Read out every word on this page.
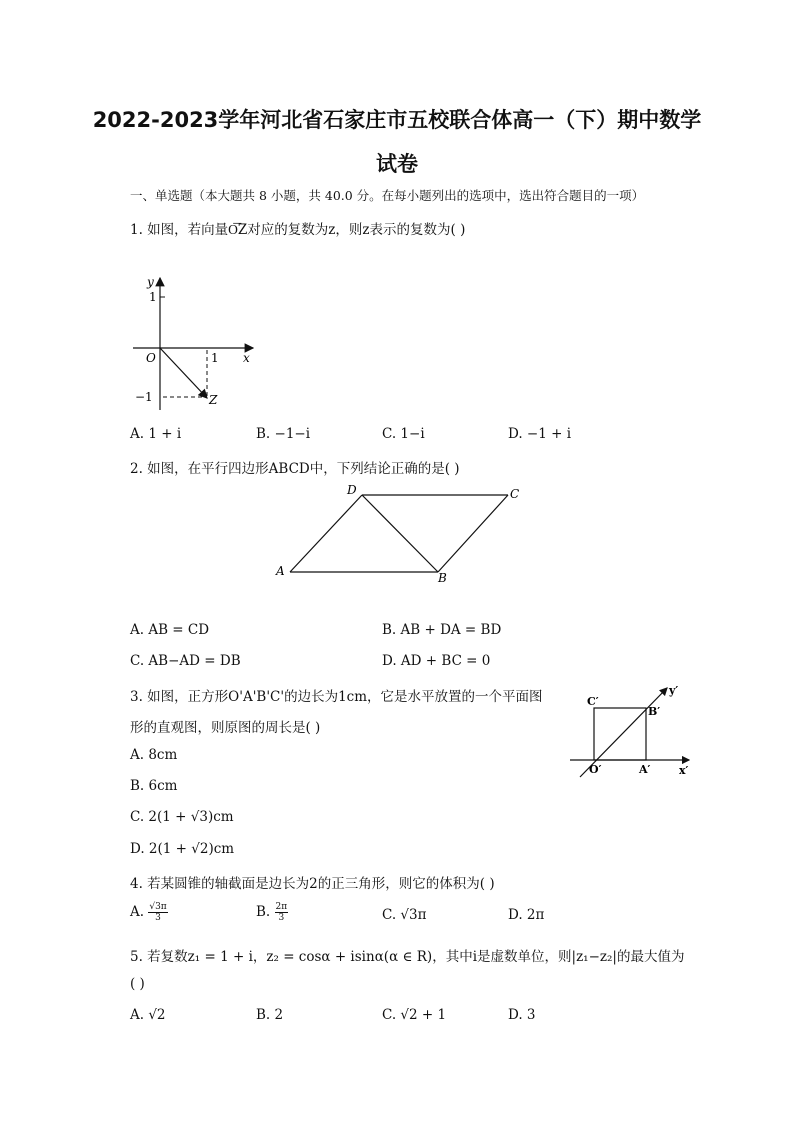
2022-2023学年河北省石家庄市五校联合体高一（下）期中数学
试卷
一、单选题（本大题共 8 小题，共 40.0 分。在每小题列出的选项中，选出符合题目的一项）
1. 如图，若向量O͞Z对应的复数为z，则z表示的复数为( )
y
1
O	1 x
−1	Z
A. 1 + i	B. −1−i	C. 1−i	D. −1 + i
2. 如图，在平行四边形ABCD中，下列结论正确的是( )
A	B
C
D
A. AB = CD	B. AB + DA = BD
C. AB−AD = DB	D. AD + BC = 0
3. 如图，正方形O'A'B'C'的边长为1cm，它是水平放置的一个平面图
形的直观图，则原图的周长是( )
C′
B′
O′	A′	x′
y′
A. 8cm
B. 6cm
C. 2(1 + √3)cm
D. 2(1 + √2)cm
4. 若某圆锥的轴截面是边长为2的正三角形，则它的体积为( )
A. $\frac{√3\pi}{3}$	B. $\frac{2\pi}{3}$	C. √3π	D. 2π
5. 若复数z₁ = 1 + i，z₂ = cosα + isinα(α ∈ R)，其中i是虚数单位，则|z₁−z₂|的最大值为
( )
A. √2	B. 2	C. √2 + 1	D. 3
